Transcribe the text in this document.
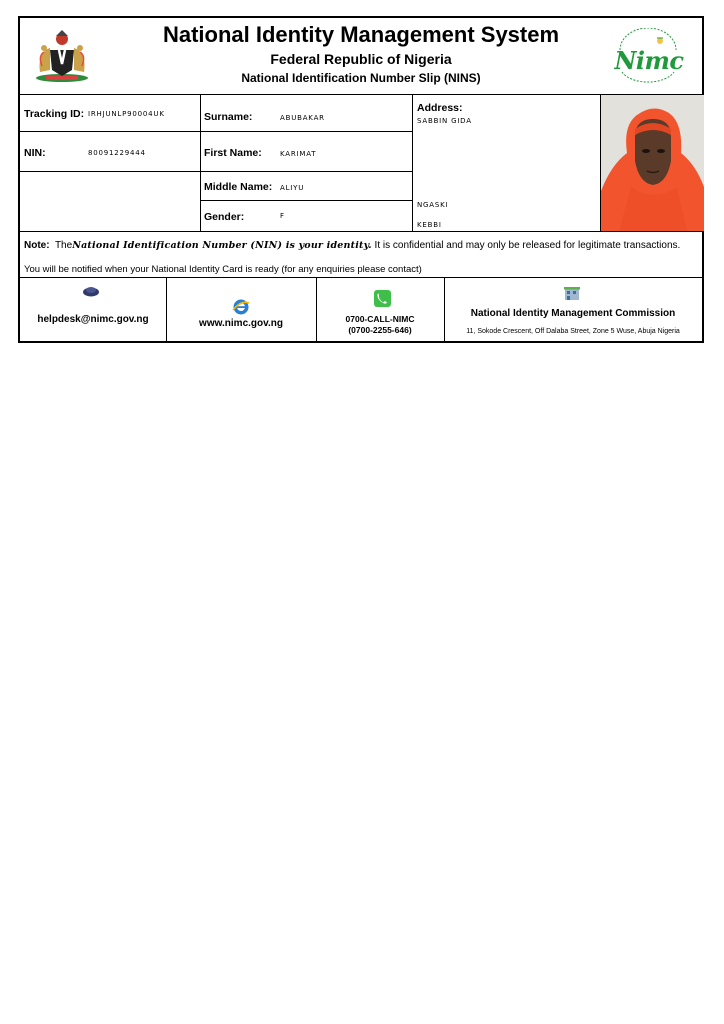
National Identity Management System
Federal Republic of Nigeria
National Identification Number Slip (NINS)
Nimc
Tracking ID: IRHJUNLP90004UK
NIN:	80091229444
Surname:	ABUBAKAR
First Name:	KARIMAT
Middle Name: ALIYU
Gender:	F
Address:
SABBIN GIDA
NGASKI
KEBBI
Note: TheNational Identification Number (NIN) is your identity. It is confidential and may only be released for legitimate transactions.
You will be notified when your National Identity Card is ready (for any enquiries please contact)
helpdesk@nimc.gov.ng	www.nimc.gov.ng	0700-CALL-NIMC
(0700-2255-646)
National Identity Management Commission
11, Sokode Crescent, Off Dalaba Street, Zone 5 Wuse, Abuja Nigeria
